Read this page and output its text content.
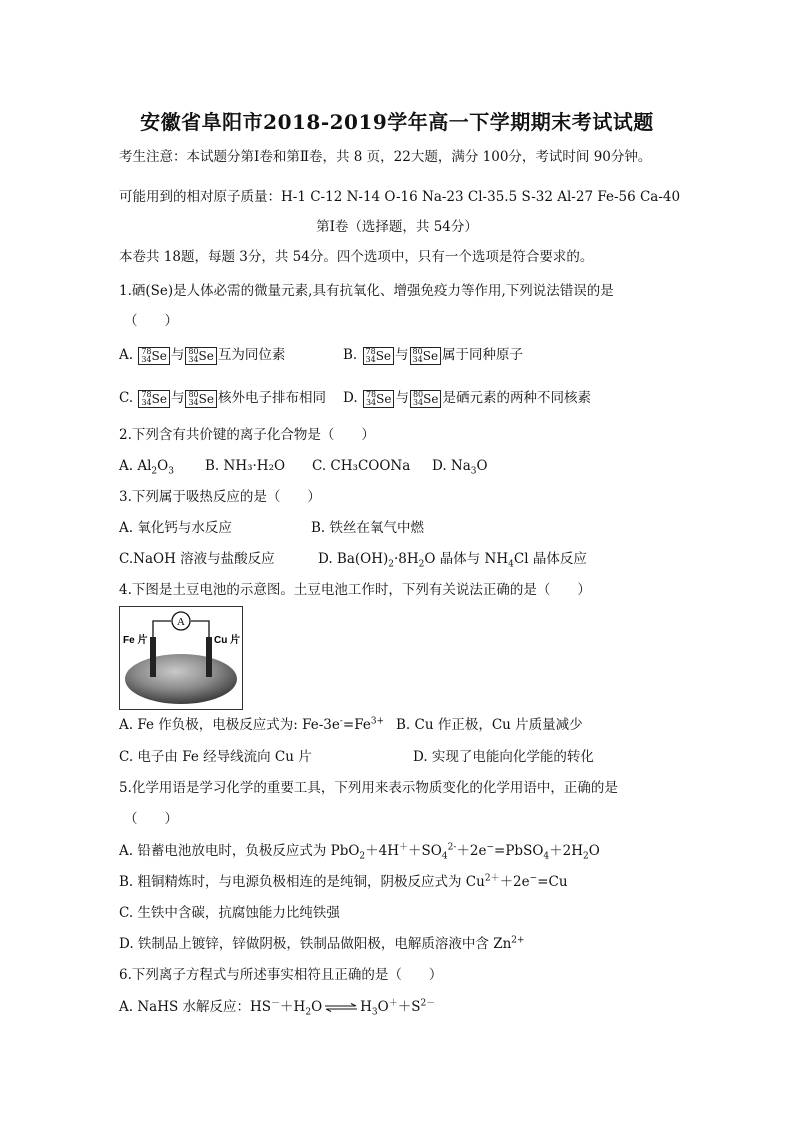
安徽省阜阳市2018-2019学年高一下学期期末考试试题
考生注意：本试题分第Ⅰ卷和第Ⅱ卷，共 8 页，22大题，满分 100分，考试时间 90分钟。
可能用到的相对原子质量：H-1 C-12 N-14 O-16 Na-23 Cl-35.5 S-32 Al-27 Fe-56 Ca-40
第Ⅰ卷（选择题，共 54分）
本卷共 18题，每题 3分，共 54分。四个选项中，只有一个选项是符合要求的。
1.硒(Se)是人体必需的微量元素,具有抗氧化、增强免疫力等作用,下列说法错误的是
（　　）
A. 78
34Se 与 80
34Se 互为同位素	B. 78
34Se 与 80
34Se 属于同种原子
C. 78
34Se 与 80
34Se 核外电子排布相同 D. 78
34Se 与 80
34Se 是硒元素的两种不同核素
2.下列含有共价键的离子化合物是（　　）
A. $Al_2O_3$ B. NH₃·H₂O C. CH₃COONa D. $Na_3O$
3.下列属于吸热反应的是（　　）
A. 氧化钙与水反应	B. 铁丝在氧气中燃
C.NaOH 溶液与盐酸反应	D. $Ba(OH)_2\cdot 8H_2O$ 晶体与 $NH_4Cl$ 晶体反应
4.下图是土豆电池的示意图。土豆电池工作时，下列有关说法正确的是（　　）
A
Fe 片	Cu 片
A. Fe 作负极，电极反应式为: $Fe-3e^-=Fe^{3+}$ B. Cu 作正极，Cu 片质量减少
C. 电子由 Fe 经导线流向 Cu 片	D. 实现了电能向化学能的转化
5.化学用语是学习化学的重要工具，下列用来表示物质变化的化学用语中，正确的是
（　　）
A. 铅蓄电池放电时，负极反应式为 $PbO_2+4H^++SO_4^{2-}+2e^-=PbSO_4+2H_2O$
B. 粗铜精炼时，与电源负极相连的是纯铜，阴极反应式为 $Cu^{2+}+2e^-=Cu$
C. 生铁中含碳，抗腐蚀能力比纯铁强
D. 铁制品上镀锌，锌做阴极，铁制品做阳极，电解质溶液中含 $Zn^{2+}$
6.下列离子方程式与所述事实相符且正确的是（　　）
A. NaHS 水解反应：$HS^-+H_2O$ ⇌ $H_3O^++S^{2-}$
